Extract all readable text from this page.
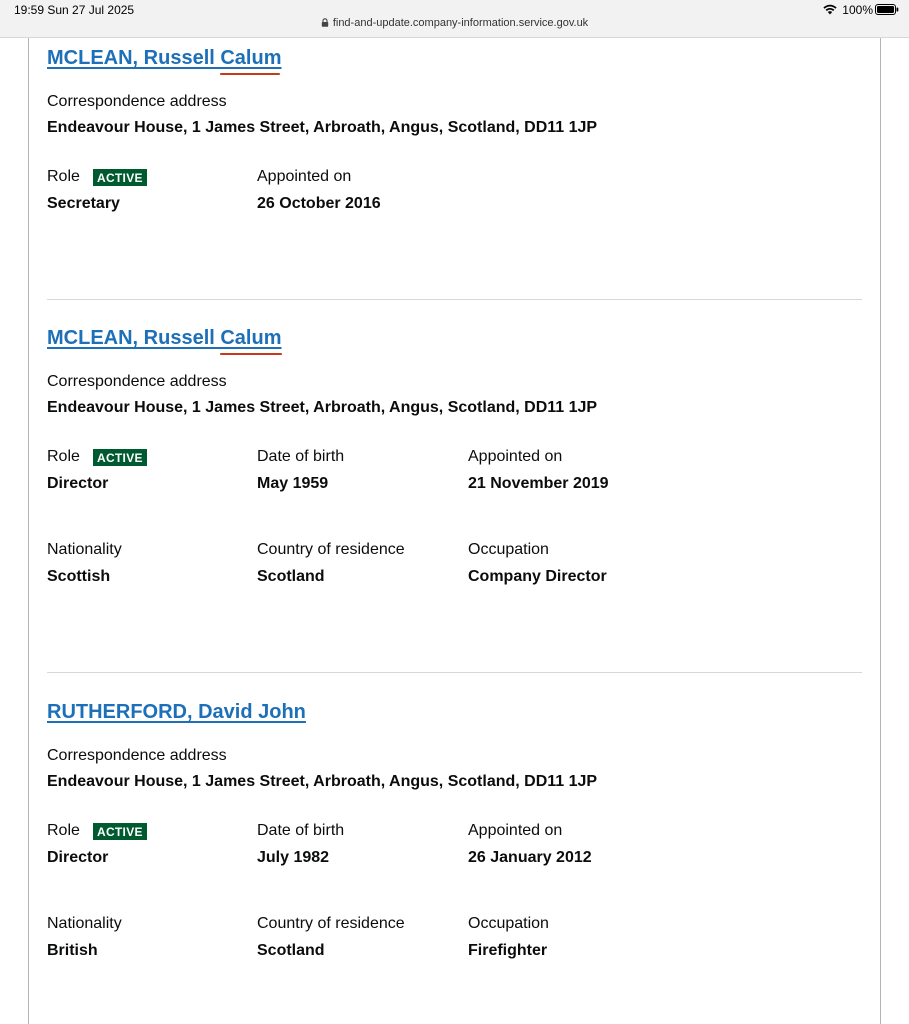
19:59 Sun 27 Jul 2025	100%
find-and-update.company-information.service.gov.uk
MCLEAN, Russell Calum
Correspondence address
Endeavour House, 1 James Street, Arbroath, Angus, Scotland, DD11 1JP
Role	ACTIVE
Secretary
Appointed on
26 October 2016
MCLEAN, Russell Calum
Correspondence address
Endeavour House, 1 James Street, Arbroath, Angus, Scotland, DD11 1JP
Role	ACTIVE
Director
Date of birth
May 1959
Appointed on
21 November 2019
Nationality
Scottish
Country of residence
Scotland
Occupation
Company Director
RUTHERFORD, David John
Correspondence address
Endeavour House, 1 James Street, Arbroath, Angus, Scotland, DD11 1JP
Role	ACTIVE
Director
Date of birth
July 1982
Appointed on
26 January 2012
Nationality
British
Country of residence
Scotland
Occupation
Firefighter
